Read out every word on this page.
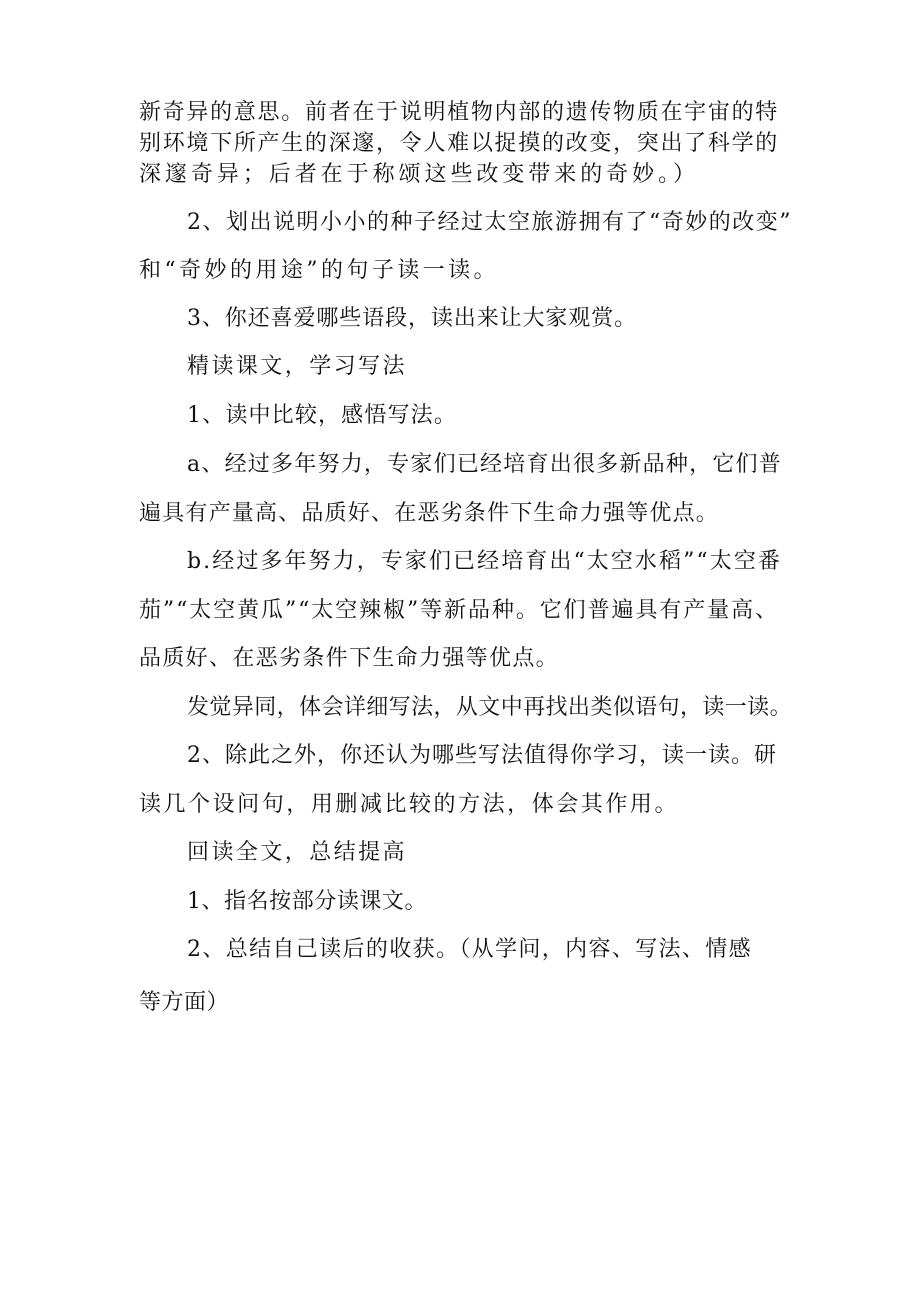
新奇异的意思。前者在于说明植物内部的遗传物质在宇宙的特
别环境下所产生的深邃，令人难以捉摸的改变，突出了科学的
深邃奇异；后者在于称颂这些改变带来的奇妙。）
2、划出说明小小的种子经过太空旅游拥有了“奇妙的改变”
和“奇妙的用途”的句子读一读。
3、你还喜爱哪些语段，读出来让大家观赏。
精读课文，学习写法
1、读中比较，感悟写法。
a、经过多年努力，专家们已经培育出很多新品种，它们普
遍具有产量高、品质好、在恶劣条件下生命力强等优点。
b.经过多年努力，专家们已经培育出“太空水稻”“太空番
茄”“太空黄瓜”“太空辣椒”等新品种。它们普遍具有产量高、
品质好、在恶劣条件下生命力强等优点。
发觉异同，体会详细写法，从文中再找出类似语句，读一读。
2、除此之外，你还认为哪些写法值得你学习，读一读。研
读几个设问句，用删减比较的方法，体会其作用。
回读全文，总结提高
1、指名按部分读课文。
2、总结自己读后的收获。（从学问，内容、写法、情感
等方面）
